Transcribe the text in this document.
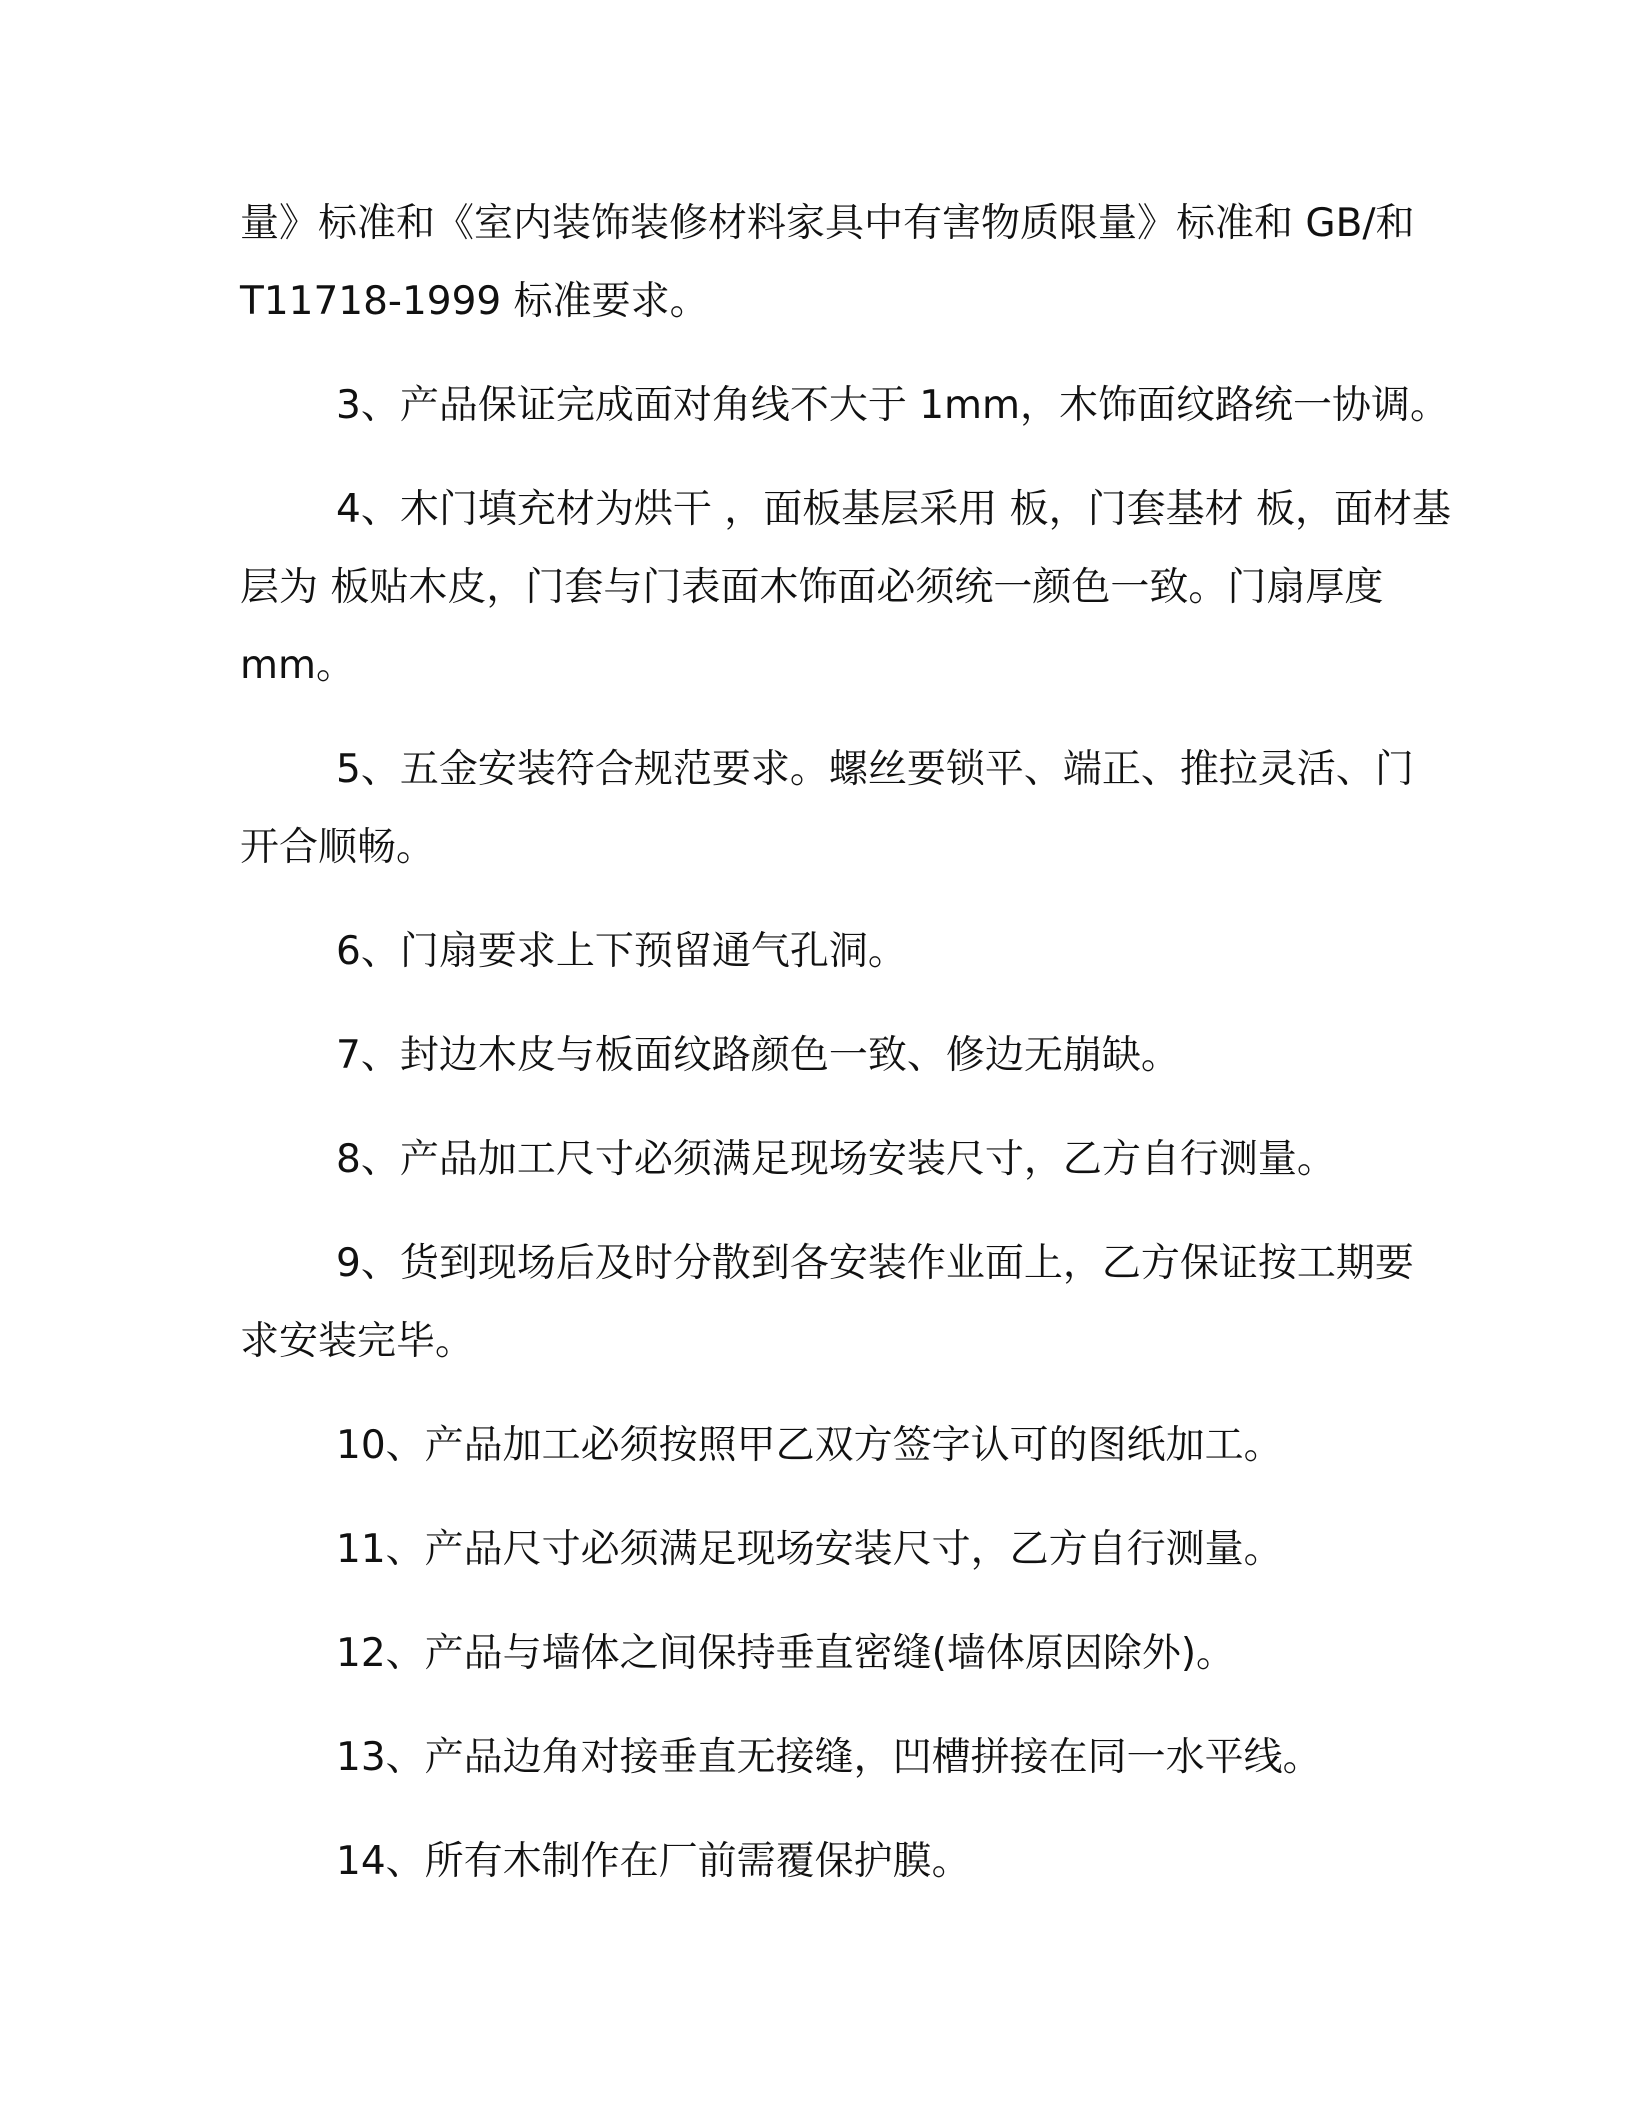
量》标准和《室内装饰装修材料家具中有害物质限量》标准和 GB/和
T11718-1999 标准要求。
3、产品保证完成面对角线不大于 1mm，木饰面纹路统一协调。
4、木门填充材为烘干 ，面板基层采用 板，门套基材 板，面材基
层为 板贴木皮，门套与门表面木饰面必须统一颜色一致。门扇厚度
mm。
5、五金安装符合规范要求。螺丝要锁平、端正、推拉灵活、门
开合顺畅。
6、门扇要求上下预留通气孔洞。
7、封边木皮与板面纹路颜色一致、修边无崩缺。
8、产品加工尺寸必须满足现场安装尺寸，乙方自行测量。
9、货到现场后及时分散到各安装作业面上，乙方保证按工期要
求安装完毕。
10、产品加工必须按照甲乙双方签字认可的图纸加工。
11、产品尺寸必须满足现场安装尺寸，乙方自行测量。
12、产品与墙体之间保持垂直密缝(墙体原因除外)。
13、产品边角对接垂直无接缝，凹槽拼接在同一水平线。
14、所有木制作在厂前需覆保护膜。
